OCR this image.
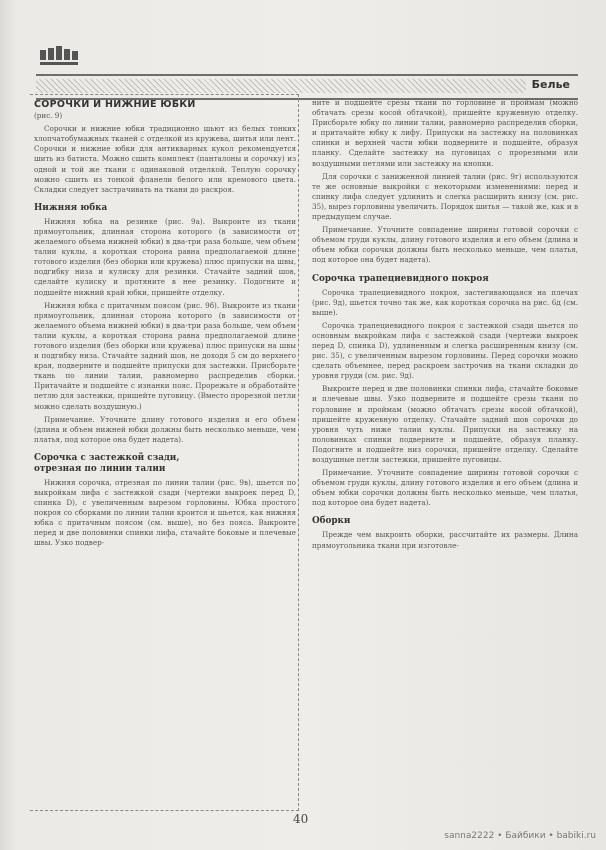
Белье
СОРОЧКИ И НИЖНИЕ ЮБКИ

(рис. 9)

Сорочки и нижние юбки традиционно шьют из белых тонких хлопчатобумажных тканей с отделкой из кружева, шитья или лент. Сорочки и нижние юбки для антикварных кукол рекомендуется шить из батиста. Можно сшить комплект (панталоны и сорочку) из одной и той же ткани с одинаковой отделкой. Теплую сорочку можно сшить из тонкой фланели белого или кремового цвета. Складки следует застрачивать на ткани до раскроя.

Нижняя юбка

Нижняя юбка на резинке (рис. 9а). Выкроите из ткани прямоугольник, длинная сторона которого (в зависимости от желаемого объема нижней юбки) в два-три раза больше, чем объем талии куклы, а короткая сторона равна предполагаемой длине готового изделия (без оборки или кружева) плюс припуски на швы, подгибку низа и кулиску для резинки. Стачайте задний шов, сделайте кулиску и протяните в нее резинку. Подогните и подшейте нижний край юбки, пришейте отделку.

Нижняя юбка с притачным поясом (рис. 9б). Выкроите из ткани прямоугольник, длинная сторона которого (в зависимости от желаемого объема нижней юбки) в два-три раза больше, чем объем талии куклы, а короткая сторона равна предполагаемой длине готового изделия (без оборки или кружева) плюс припуски на швы и подгибку низа. Стачайте задний шов, не доходя 5 см до верхнего края, подверните и подшейте припуски для застежки. Присборьте ткань по линии талии, равномерно распределив сборки. Притачайте и подшейте с изнанки пояс. Прорежьте и обработайте петлю для застежки, пришейте пуговицу. (Вместо прорезной петли можно сделать воздушную.)

Примечание. Уточните длину готового изделия и его объем (длина и объем нижней юбки должны быть несколько меньше, чем платья, под которое она будет надета).

Сорочка с застежкой сзади,
отрезная по линии талии

Нижняя сорочка, отрезная по линии талии (рис. 9в), шьется по выкройкам лифа с застежкой сзади (чертежи выкроек перед D, спинка D), с увеличенным вырезом горловины. Юбка простого покроя со сборками по линии талии кроится и шьется, как нижняя юбка с притачным поясом (см. выше), но без пояса. Выкроите перед и две половинки спинки лифа, стачайте боковые и плечевые швы. Узко подвер-

ните и подшейте срезы ткани по горловине и проймам (можно обтачать срезы косой обтачкой), пришейте кружевную отделку. Присборьте юбку по линии талии, равномерно распределив сборки, и притачайте юбку к лифу. Припуски на застежку на половинках спинки и верхней части юбки подверните и подшейте, образуя планку. Сделайте застежку на пуговицах с прорезными или воздушными петлями или застежку на кнопки.

Для сорочки с заниженной линией талии (рис. 9г) используются те же основные выкройки с некоторыми изменениями: перед и спинку лифа следует удлинить и слегка расширить книзу (см. рис. 35), вырез горловины увеличить. Порядок шитья — такой же, как и в предыдущем случае.

Примечание. Уточните совпадение ширины готовой сорочки с объемом груди куклы, длину готового изделия и его объем (длина и объем юбки сорочки должны быть несколько меньше, чем платья, под которое она будет надета).

Сорочка трапециевидного покроя

Сорочка трапециевидного покроя, застегивающаяся на плечах (рис. 9д), шьется точно так же, как короткая сорочка на рис. 6д (см. выше).

Сорочка трапециевидного покроя с застежкой сзади шьется по основным выкройкам лифа с застежкой сзади (чертежи выкроек перед D, спинка D), удлиненным и слегка расширенным книзу (см. рис. 35), с увеличенным вырезом горловины. Перед сорочки можно сделать объемнее, перед раскроем застрочив на ткани складки до уровня груди (см. рис. 9д).

Выкроите перед и две половинки спинки лифа, стачайте боковые и плечевые швы. Узко подверните и подшейте срезы ткани по горловине и проймам (можно обтачать срезы косой обтачкой), пришейте кружевную отделку. Стачайте задний шов сорочки до уровня чуть ниже талии куклы. Припуски на застежку на половинках спинки подверните и подшейте, образуя планку. Подогните и подшейте низ сорочки, пришейте отделку. Сделайте воздушные петли застежки, пришейте пуговицы.

Примечание. Уточните совпадение ширины готовой сорочки с объемом груди куклы, длину готового изделия и его объем (длина и объем юбки сорочки должны быть несколько меньше, чем платья, под которое она будет надета).

Оборки

Прежде чем выкроить оборки, рассчитайте их размеры. Длина прямоугольника ткани при изготовле-

40
sanna2222 • Байбики • babiki.ru
